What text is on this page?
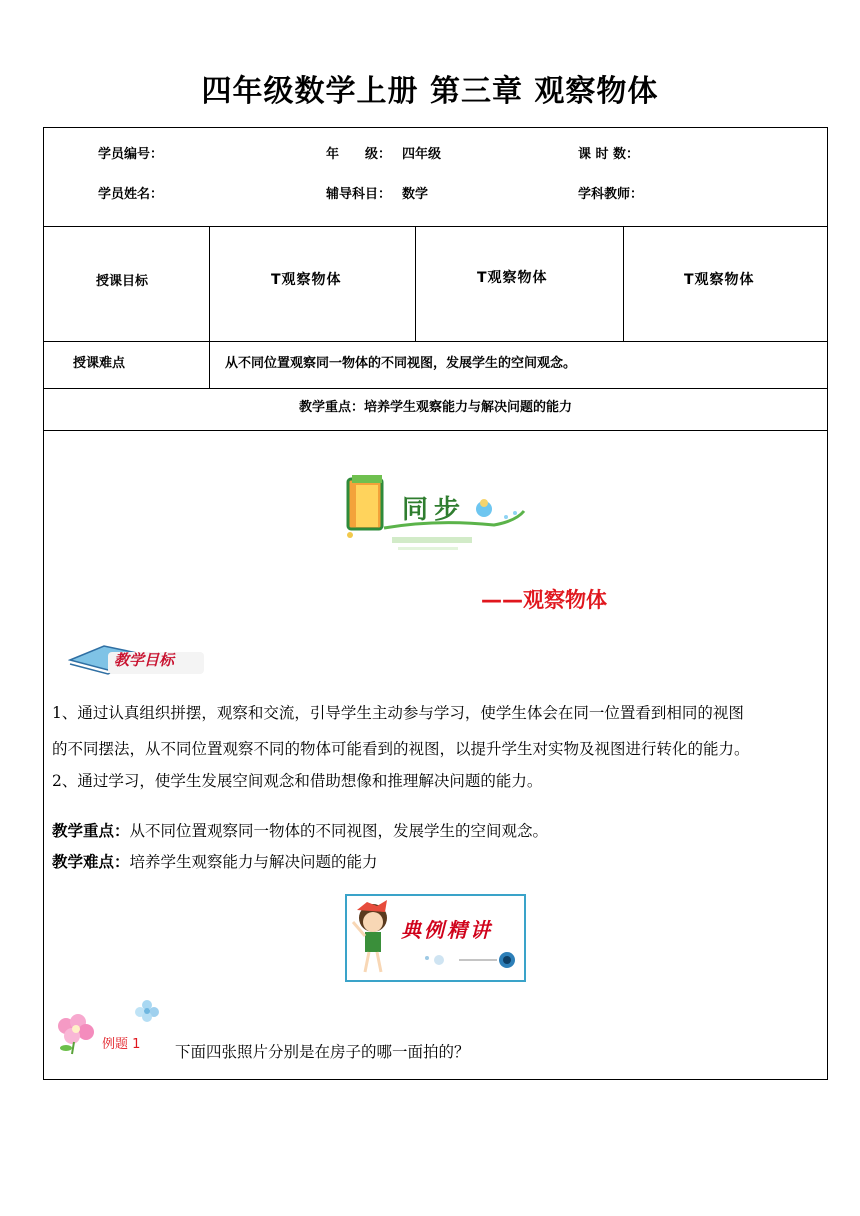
四年级数学上册 第三章 观察物体
学员编号：	年　　级： 四年级	课 时 数：
学员姓名：	辅导科目： 数学	学科教师：
授课目标	T观察物体	T观察物体	T观察物体
授课难点	从不同位置观察同一物体的不同视图，发展学生的空间观念。
教学重点：培养学生观察能力与解决问题的能力
同步
——观察物体
教学目标
1、通过认真组织拼摆，观察和交流，引导学生主动参与学习，使学生体会在同一位置看到相同的视图
的不同摆法，从不同位置观察不同的物体可能看到的视图，以提升学生对实物及视图进行转化的能力。
2、通过学习，使学生发展空间观念和借助想像和推理解决问题的能力。
教学重点：从不同位置观察同一物体的不同视图，发展学生的空间观念。
教学难点：培养学生观察能力与解决问题的能力
典例精讲
例题 1 下面四张照片分别是在房子的哪一面拍的？
